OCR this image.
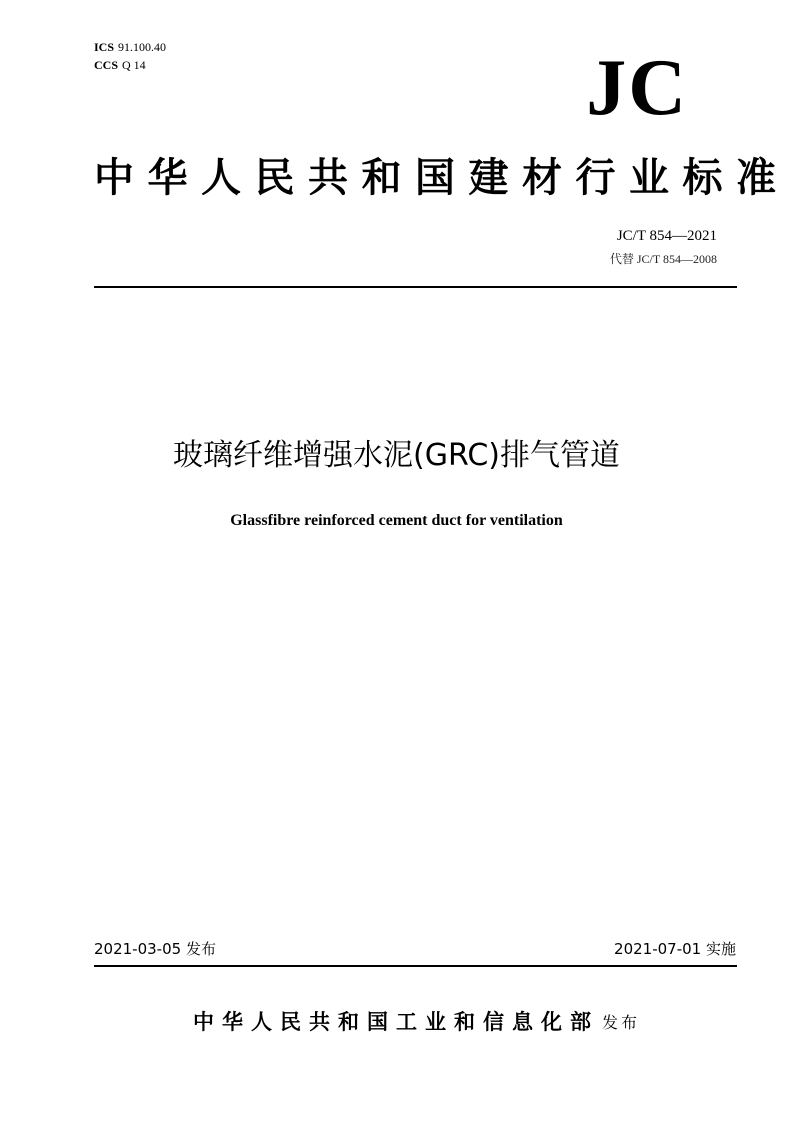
ICS 91.100.40
CCS Q 14	JC
中华人民共和国建材行业标准
JC/T 854—2021
代替 JC/T 854—2008
玻璃纤维增强水泥(GRC)排气管道
Glassfibre reinforced cement duct for ventilation
2021-03-05 发布	2021-07-01 实施
中华人民共和国工业和信息化部 发布
